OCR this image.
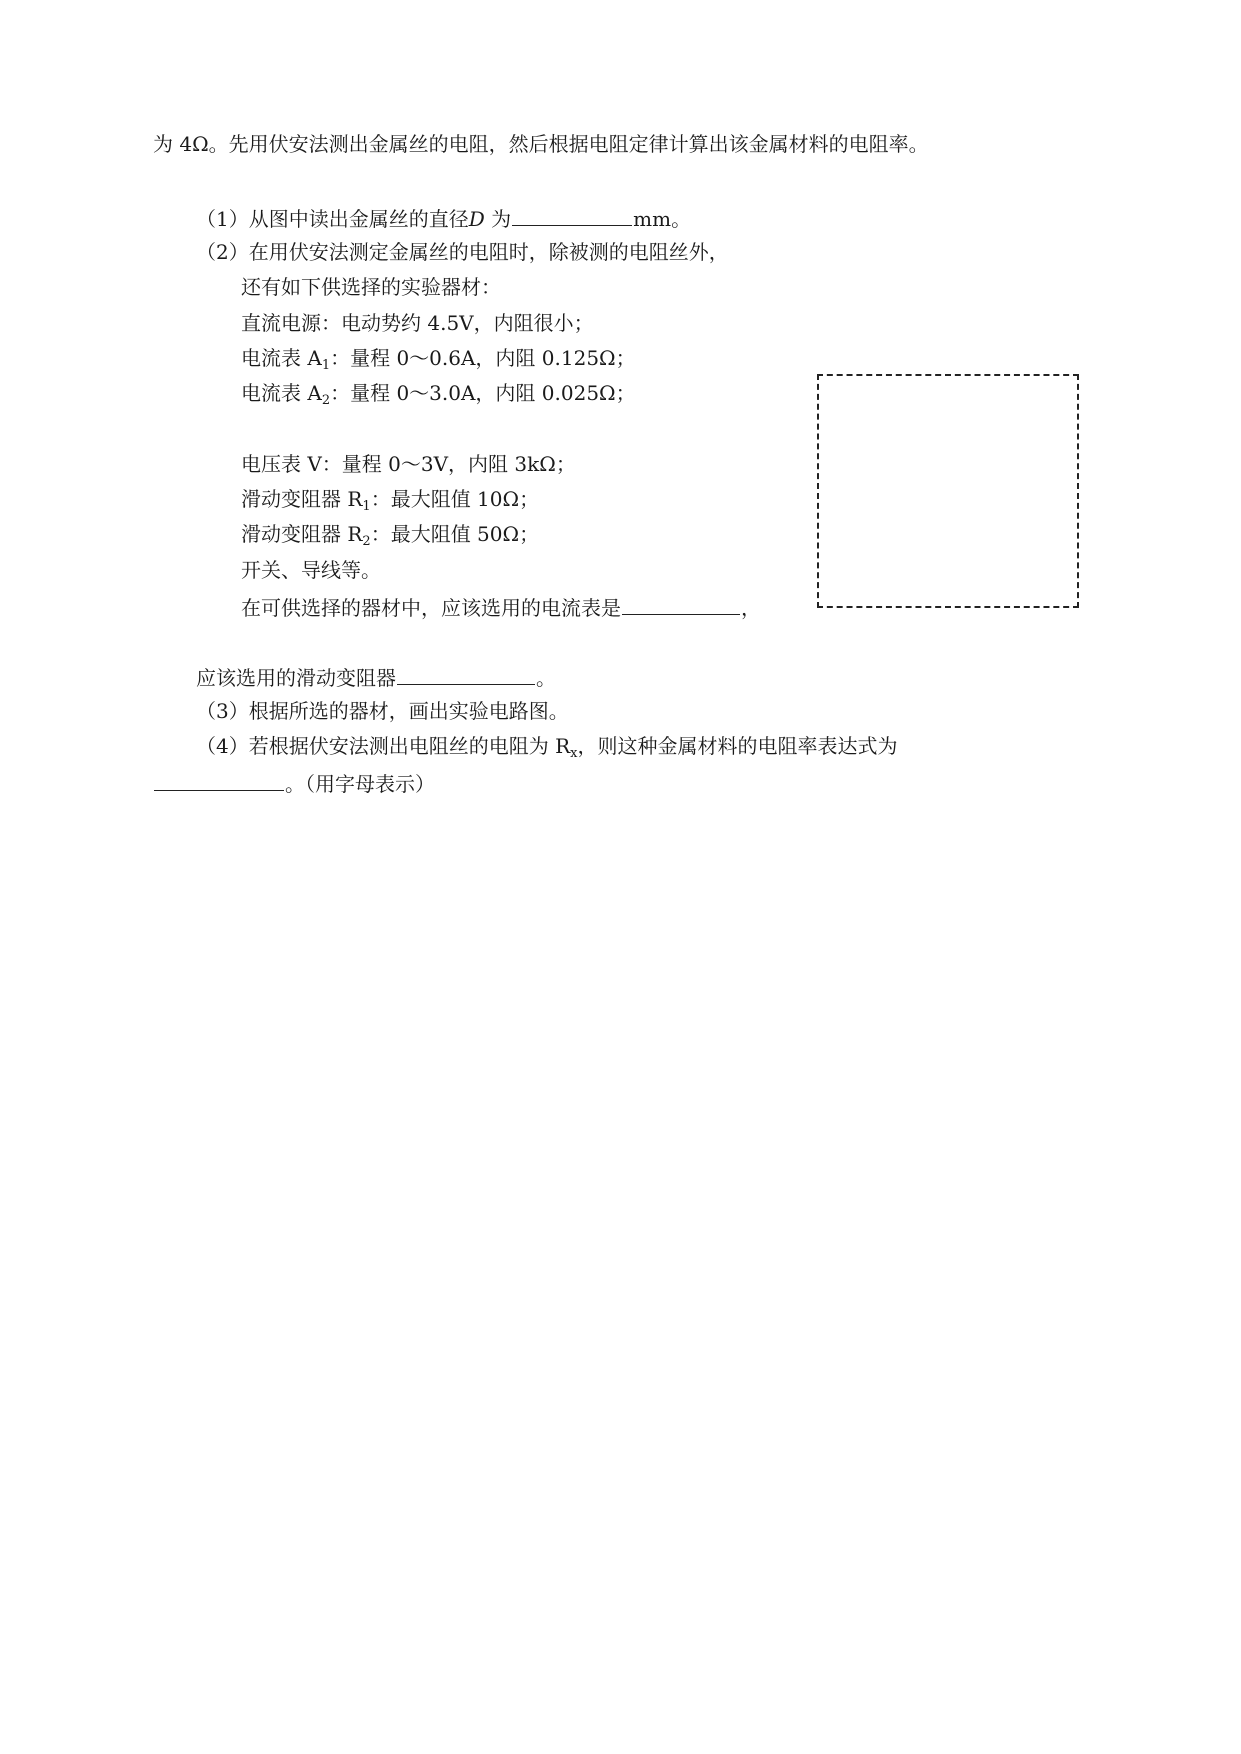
为 4Ω。先用伏安法测出金属丝的电阻，然后根据电阻定律计算出该金属材料的电阻率。
（1）从图中读出金属丝的直径D 为	mm。
（2）在用伏安法测定金属丝的电阻时，除被测的电阻丝外，
还有如下供选择的实验器材：
直流电源：电动势约 4.5V，内阻很小；
电流表 $A_1$：量程 0～0.6A，内阻 0.125Ω；
电流表 $A_2$：量程 0～3.0A，内阻 0.025Ω；
电压表 V：量程 0～3V，内阻 3kΩ；
滑动变阻器 $R_1$：最大阻值 10Ω；
滑动变阻器 $R_2$：最大阻值 50Ω；
开关、导线等。
在可供选择的器材中，应该选用的电流表是	，
应该选用的滑动变阻器	。
（3）根据所选的器材，画出实验电路图。
（4）若根据伏安法测出电阻丝的电阻为 $R_x$，则这种金属材料的电阻率表达式为
。（用字母表示）
